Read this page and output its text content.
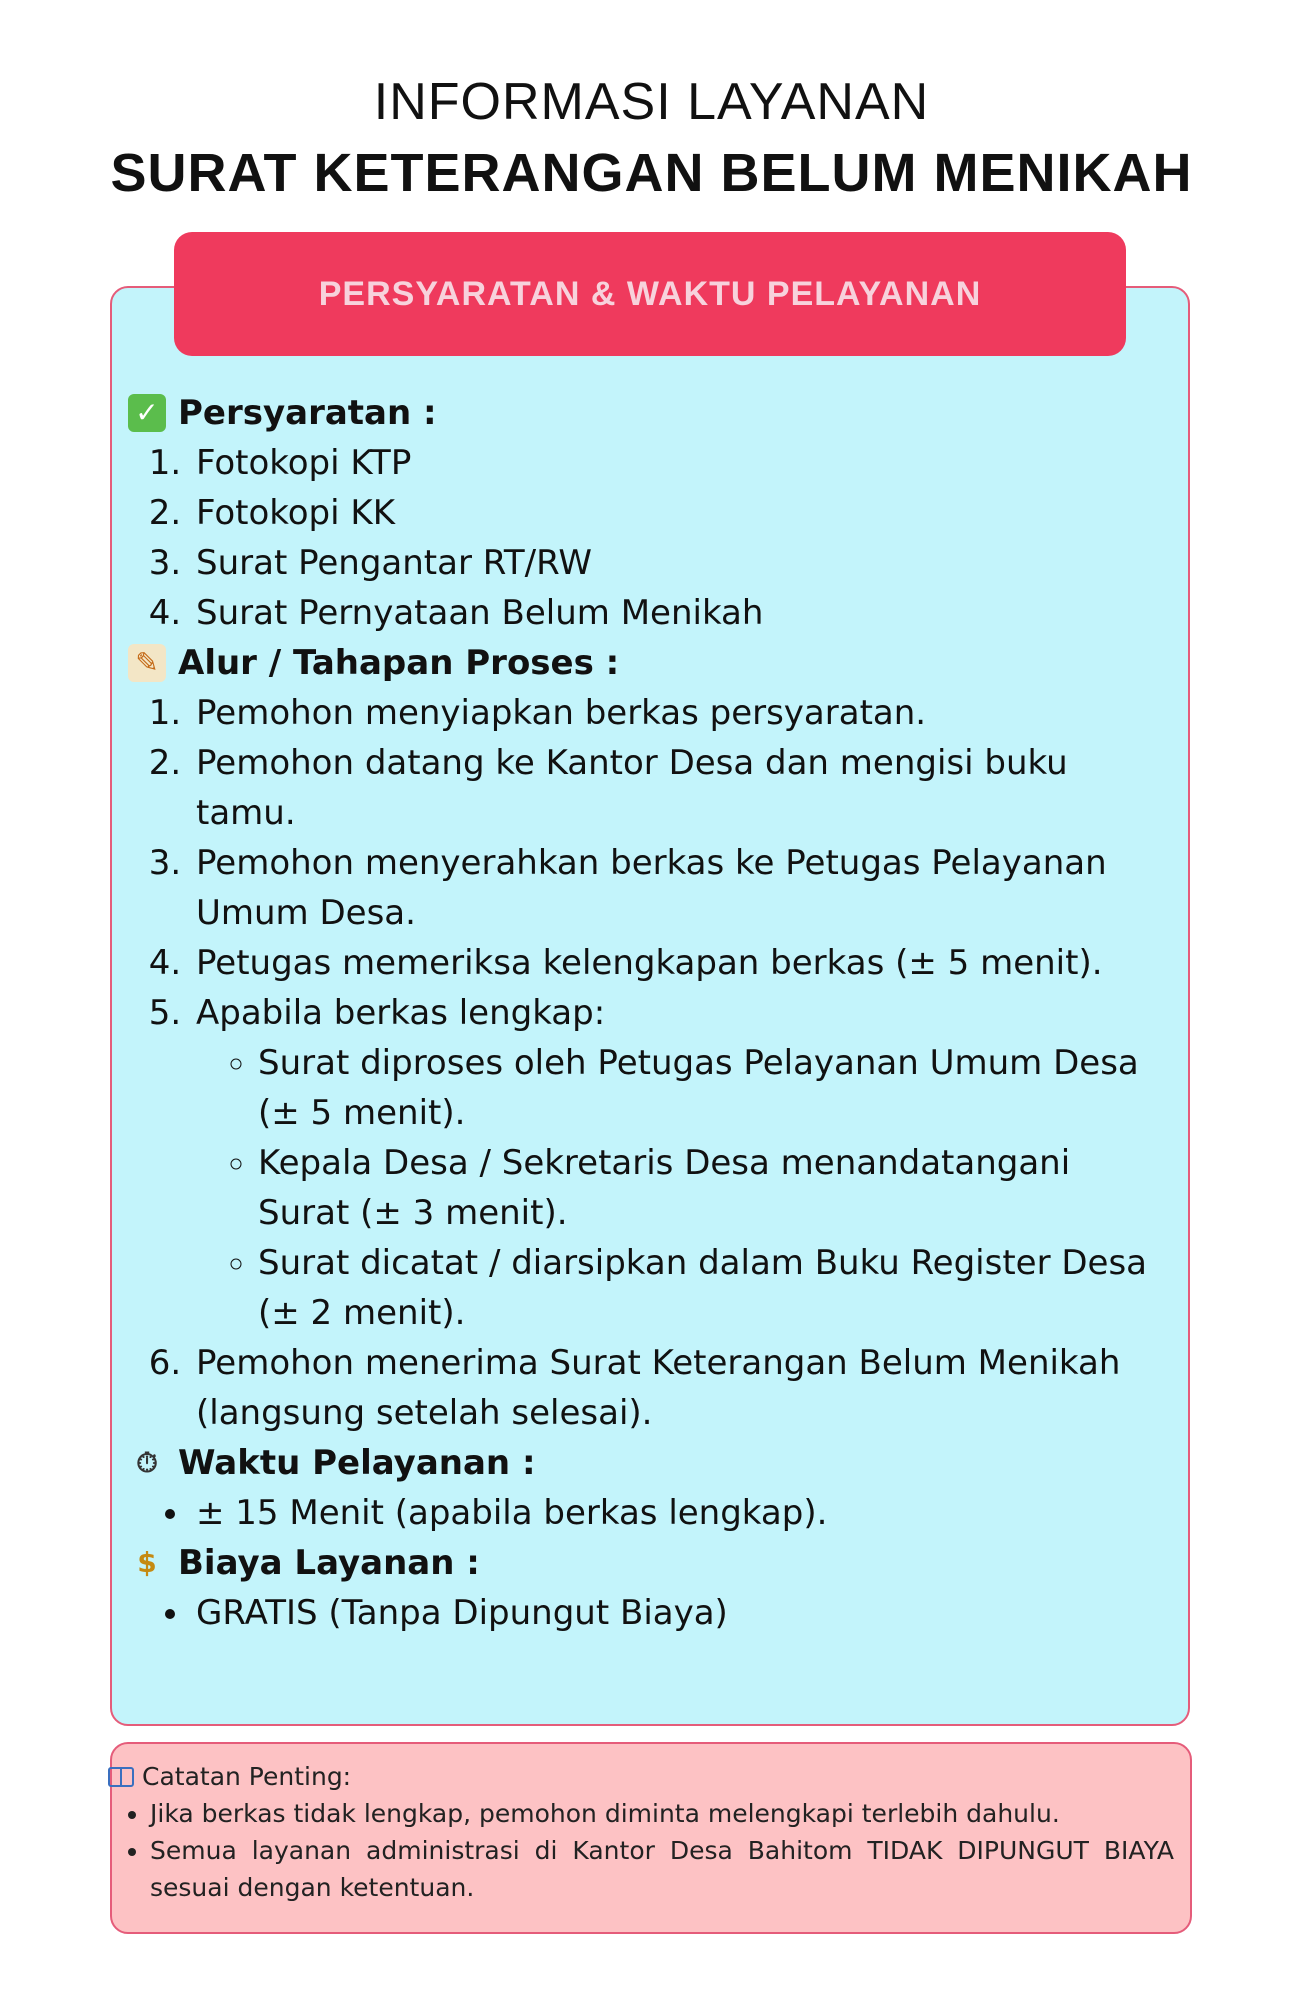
INFORMASI LAYANAN
SURAT KETERANGAN BELUM MENIKAH
PERSYARATAN & WAKTU PELAYANAN
✓ Persyaratan :
1. Fotokopi KTP
2. Fotokopi KK
3. Surat Pengantar RT/RW
4. Surat Pernyataan Belum Menikah
✎ Alur / Tahapan Proses :
1. Pemohon menyiapkan berkas persyaratan.
2. Pemohon datang ke Kantor Desa dan mengisi buku tamu.
3. Pemohon menyerahkan berkas ke Petugas Pelayanan Umum Desa.
4. Petugas memeriksa kelengkapan berkas (± 5 menit).
5. Apabila berkas lengkap:
◦ Surat diproses oleh Petugas Pelayanan Umum Desa (± 5 menit).
◦ Kepala Desa / Sekretaris Desa menandatangani Surat (± 3 menit).
◦ Surat dicatat / diarsipkan dalam Buku Register Desa (± 2 menit).
6. Pemohon menerima Surat Keterangan Belum Menikah (langsung setelah selesai).
⏱ Waktu Pelayanan :
• ± 15 Menit (apabila berkas lengkap).
$ Biaya Layanan :
• GRATIS (Tanpa Dipungut Biaya)
Catatan Penting:
• Jika berkas tidak lengkap, pemohon diminta melengkapi terlebih dahulu.
• Semua layanan administrasi di Kantor Desa Bahitom TIDAK DIPUNGUT BIAYA sesuai dengan ketentuan.
